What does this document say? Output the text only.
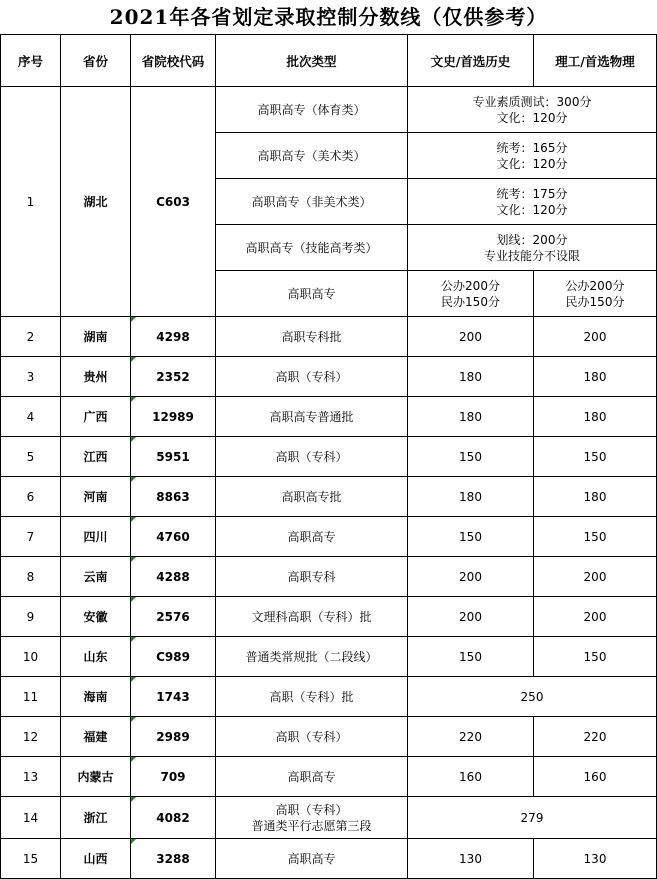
2021年各省划定录取控制分数线（仅供参考）
序号	省份	省院校代码	批次类型	文史/首选历史	理工/首选物理
1	湖北	C603	高职高专（体育类）	专业素质测试：300分
文化：120分	

			高职高专（美术类）	统考：165分
文化：120分	

			高职高专（非美术类）	统考：175分
文化：120分	

			高职高专（技能高考类）	划线：200分
专业技能分不设限	

			高职高专	公办200分
民办150分	公办200分
民办150分

2	湖南	4298	高职专科批	200	200
3	贵州	2352	高职（专科）	180	180
4	广西	12989	高职高专普通批	180	180
5	江西	5951	高职（专科）	150	150
6	河南	8863	高职高专批	180	180
7	四川	4760	高职高专	150	150
8	云南	4288	高职专科	200	200
9	安徽	2576	文理科高职（专科）批	200	200
10	山东	C989	普通类常规批（二段线）	150	150
11	海南	1743	高职（专科）批	250	
12	福建	2989	高职（专科）	220	220
13	内蒙古	709	高职高专	160	160
14	浙江	4082	高职（专科）
普通类平行志愿第三段	279	
15	山西	3288	高职高专	130	130
